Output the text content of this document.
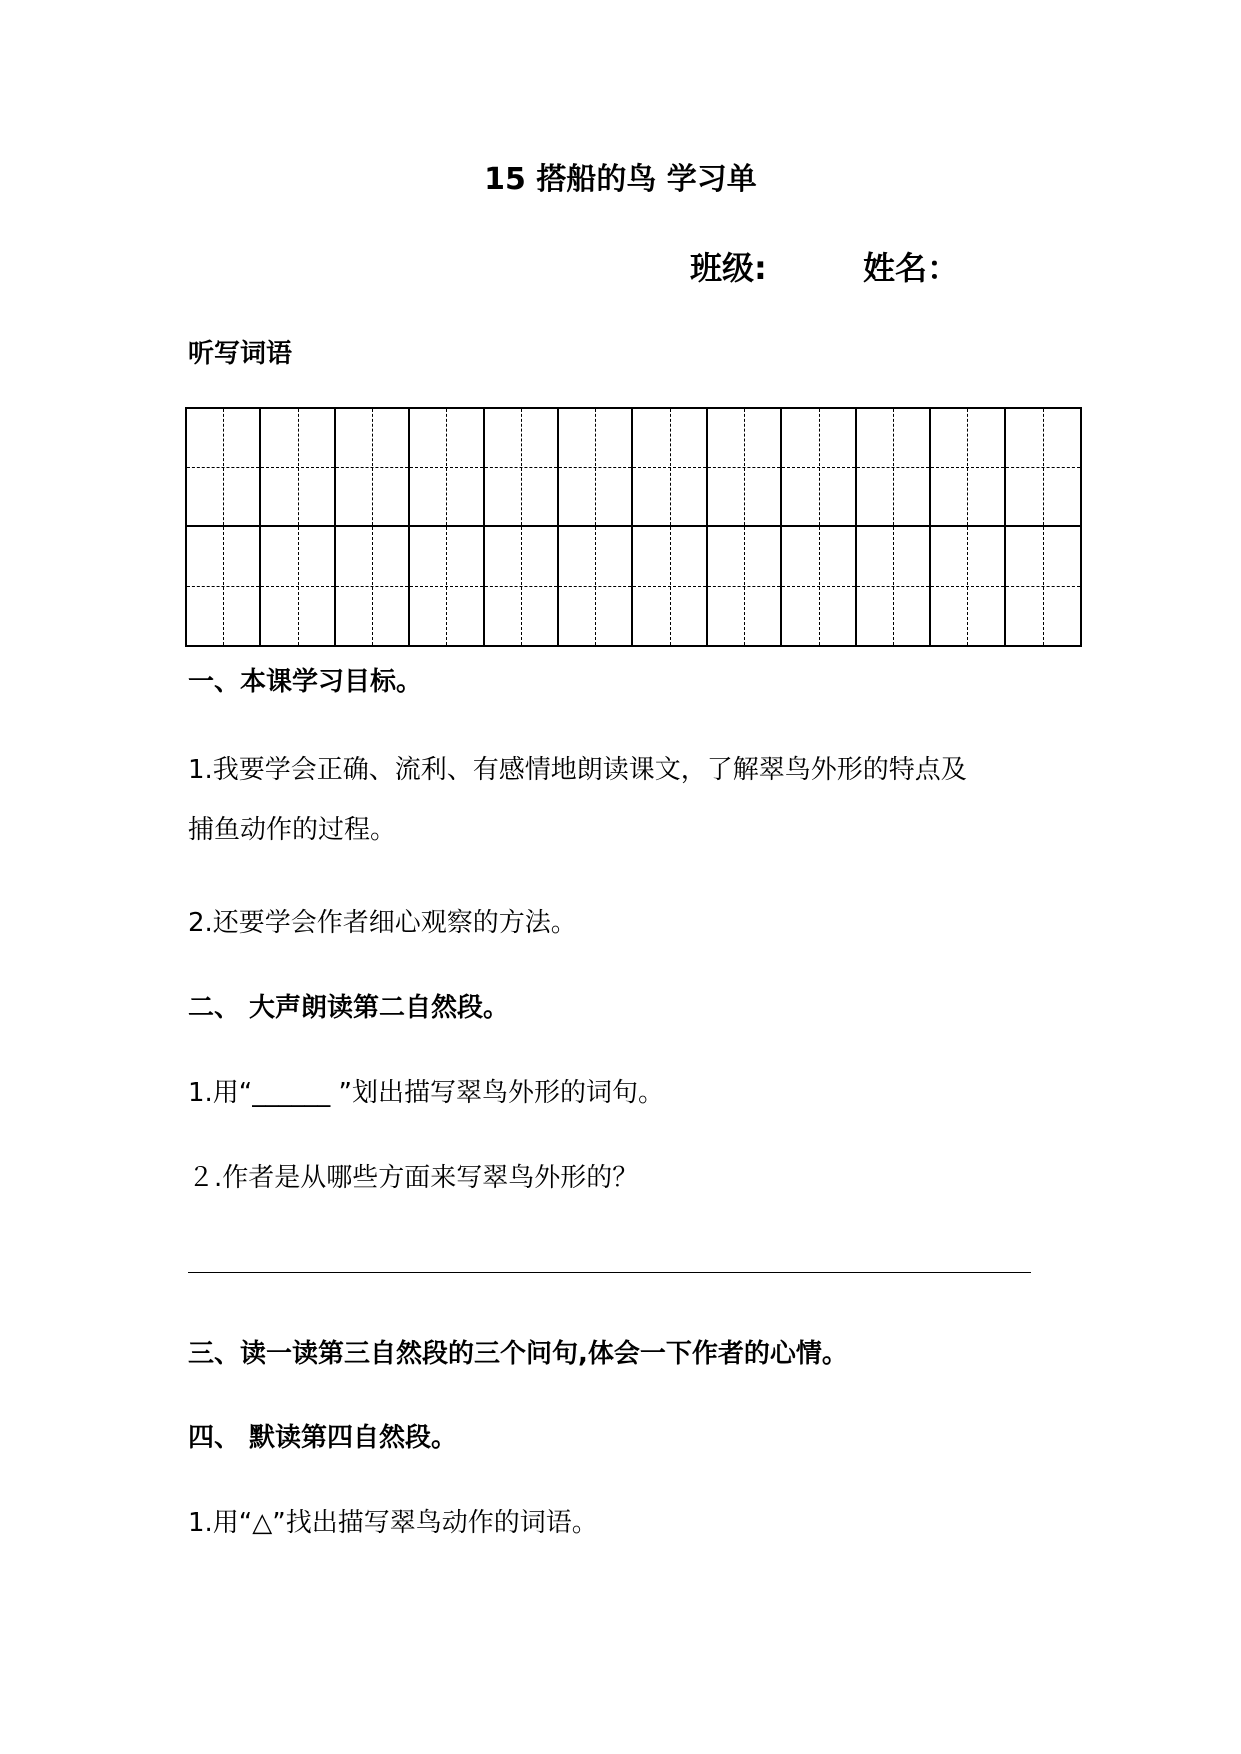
15 搭船的鸟 学习单
班级:	姓名：
听写词语
一、本课学习目标。
1.我要学会正确、流利、有感情地朗读课文，了解翠鸟外形的特点及
捕鱼动作的过程。
2.还要学会作者细心观察的方法。
二、 大声朗读第二自然段。
1.用“______ ”划出描写翠鸟外形的词句。
２.作者是从哪些方面来写翠鸟外形的？
三、读一读第三自然段的三个问句,体会一下作者的心情。
四、 默读第四自然段。
1.用“△”找出描写翠鸟动作的词语。
